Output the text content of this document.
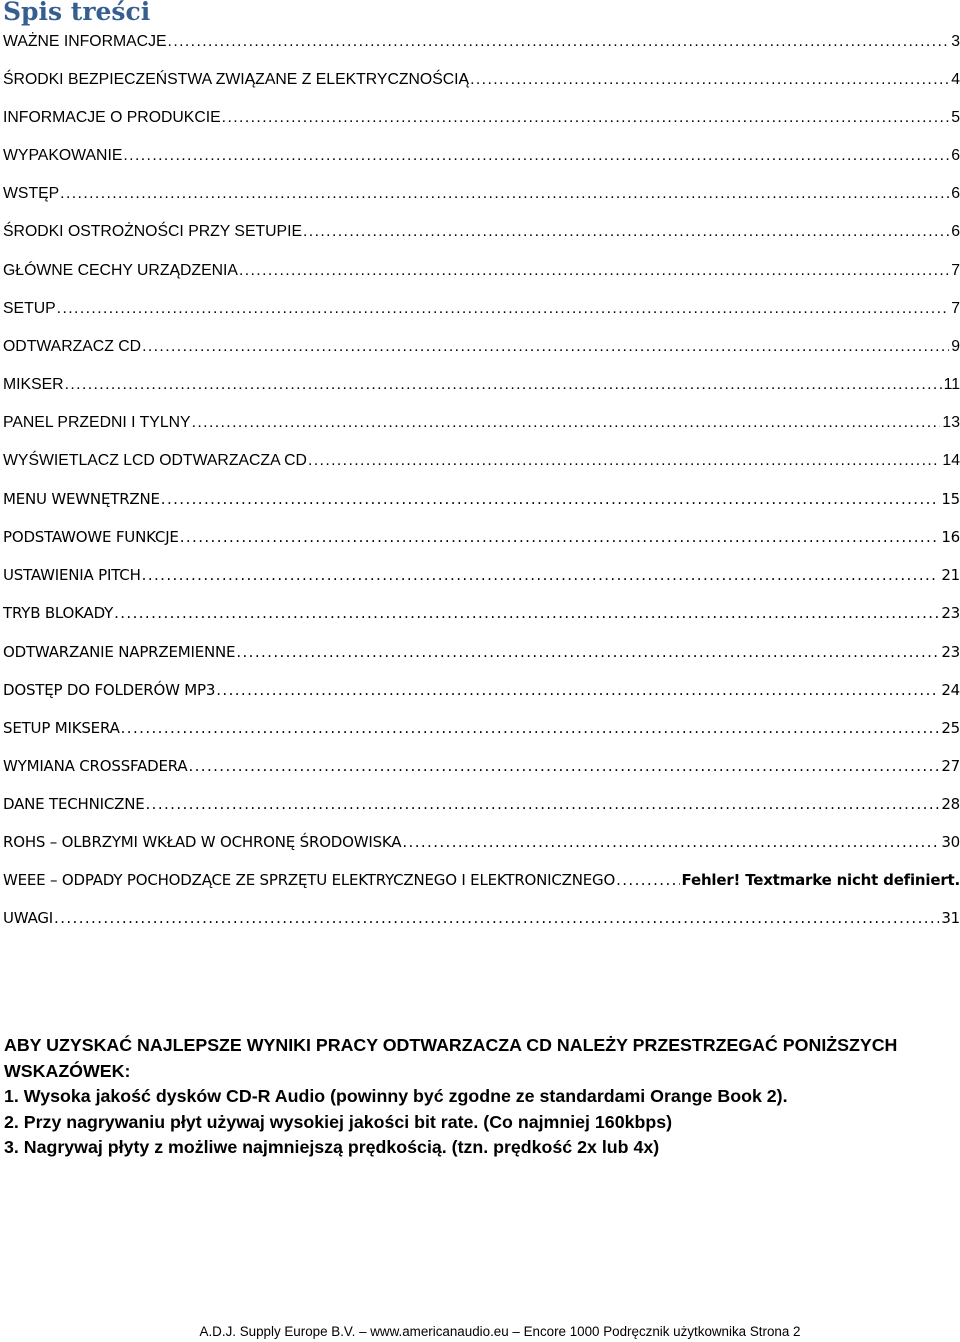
Spis treści
WAŻNE INFORMACJE .....	3
ŚRODKI BEZPIECZEŃSTWA ZWIĄZANE Z ELEKTRYCZNOŚCIĄ .....	4
INFORMACJE O PRODUKCIE .....	5
WYPAKOWANIE .....	6
WSTĘP .....	6
ŚRODKI OSTROŻNOŚCI PRZY SETUPIE .....	6
GŁÓWNE CECHY URZĄDZENIA .....	7
SETUP .....	7
ODTWARZACZ CD .....	9
MIKSER .....	11
PANEL PRZEDNI I TYLNY .....	13
WYŚWIETLACZ LCD ODTWARZACZA CD .....	14
MENU WEWNĘTRZNE .....	15
PODSTAWOWE FUNKCJE .....	16
USTAWIENIA PITCH .....	21
TRYB BLOKADY .....	23
ODTWARZANIE NAPRZEMIENNE .....	23
DOSTĘP DO FOLDERÓW MP3 .....	24
SETUP MIKSERA .....	25
WYMIANA CROSSFADERA .....	27
DANE TECHNICZNE .....	28
ROHS – OLBRZYMI WKŁAD W OCHRONĘ ŚRODOWISKA .....	30
WEEE – ODPADY POCHODZĄCE ZE SPRZĘTU ELEKTRYCZNEGO I ELEKTRONICZNEGO .....	Fehler! Textmarke nicht definiert.
UWAGI .....	31

ABY UZYSKAĆ NAJLEPSZE WYNIKI PRACY ODTWARZACZA CD NALEŻY PRZESTRZEGAĆ PONIŻSZYCH WSKAZÓWEK:

1. Wysoka jakość dysków CD-R Audio (powinny być zgodne ze standardami Orange Book 2).

2. Przy nagrywaniu płyt używaj wysokiej jakości bit rate. (Co najmniej 160kbps)

3. Nagrywaj płyty z możliwe najmniejszą prędkością. (tzn. prędkość 2x lub 4x)

A.D.J. Supply Europe B.V. – www.americanaudio.eu – Encore 1000 Podręcznik użytkownika Strona 2
